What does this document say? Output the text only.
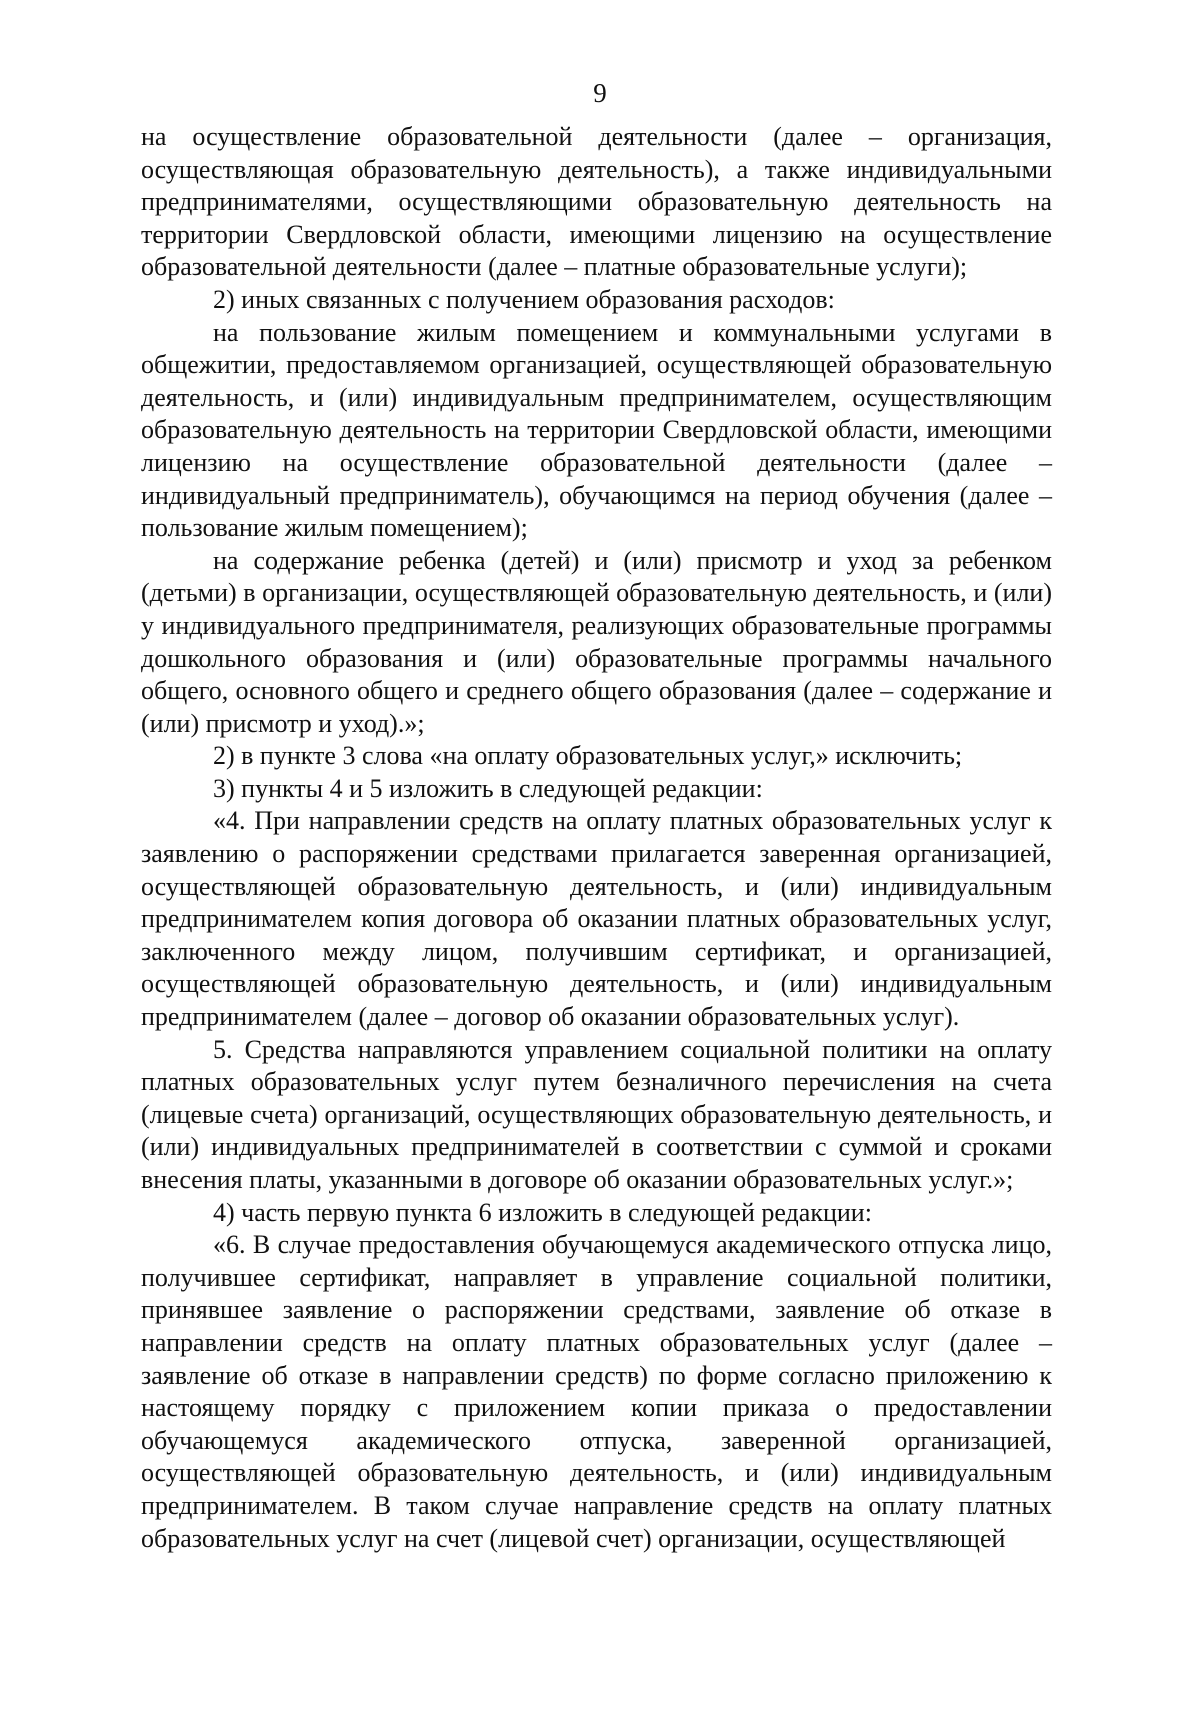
9

на осуществление образовательной деятельности (далее – организация, осуществляющая образовательную деятельность), а также индивидуальными предпринимателями, осуществляющими образовательную деятельность на территории Свердловской области, имеющими лицензию на осуществление образовательной деятельности (далее – платные образовательные услуги);

2) иных связанных с получением образования расходов:

на пользование жилым помещением и коммунальными услугами в общежитии, предоставляемом организацией, осуществляющей образовательную деятельность, и (или) индивидуальным предпринимателем, осуществляющим образовательную деятельность на территории Свердловской области, имеющими лицензию на осуществление образовательной деятельности (далее – индивидуальный предприниматель), обучающимся на период обучения (далее – пользование жилым помещением);

на содержание ребенка (детей) и (или) присмотр и уход за ребенком (детьми) в организации, осуществляющей образовательную деятельность, и (или) у индивидуального предпринимателя, реализующих образовательные программы дошкольного образования и (или) образовательные программы начального общего, основного общего и среднего общего образования (далее – содержание и (или) присмотр и уход).»;

2) в пункте 3 слова «на оплату образовательных услуг,» исключить;

3) пункты 4 и 5 изложить в следующей редакции:

«4. При направлении средств на оплату платных образовательных услуг к заявлению о распоряжении средствами прилагается заверенная организацией, осуществляющей образовательную деятельность, и (или) индивидуальным предпринимателем копия договора об оказании платных образовательных услуг, заключенного между лицом, получившим сертификат, и организацией, осуществляющей образовательную деятельность, и (или) индивидуальным предпринимателем (далее – договор об оказании образовательных услуг).

5. Средства направляются управлением социальной политики на оплату платных образовательных услуг путем безналичного перечисления на счета (лицевые счета) организаций, осуществляющих образовательную деятельность, и (или) индивидуальных предпринимателей в соответствии с суммой и сроками внесения платы, указанными в договоре об оказании образовательных услуг.»;

4) часть первую пункта 6 изложить в следующей редакции:

«6. В случае предоставления обучающемуся академического отпуска лицо, получившее сертификат, направляет в управление социальной политики, принявшее заявление о распоряжении средствами, заявление об отказе в направлении средств на оплату платных образовательных услуг (далее – заявление об отказе в направлении средств) по форме согласно приложению к настоящему порядку с приложением копии приказа о предоставлении обучающемуся академического отпуска, заверенной организацией, осуществляющей образовательную деятельность, и (или) индивидуальным предпринимателем. В таком случае направление средств на оплату платных образовательных услуг на счет (лицевой счет) организации, осуществляющей
